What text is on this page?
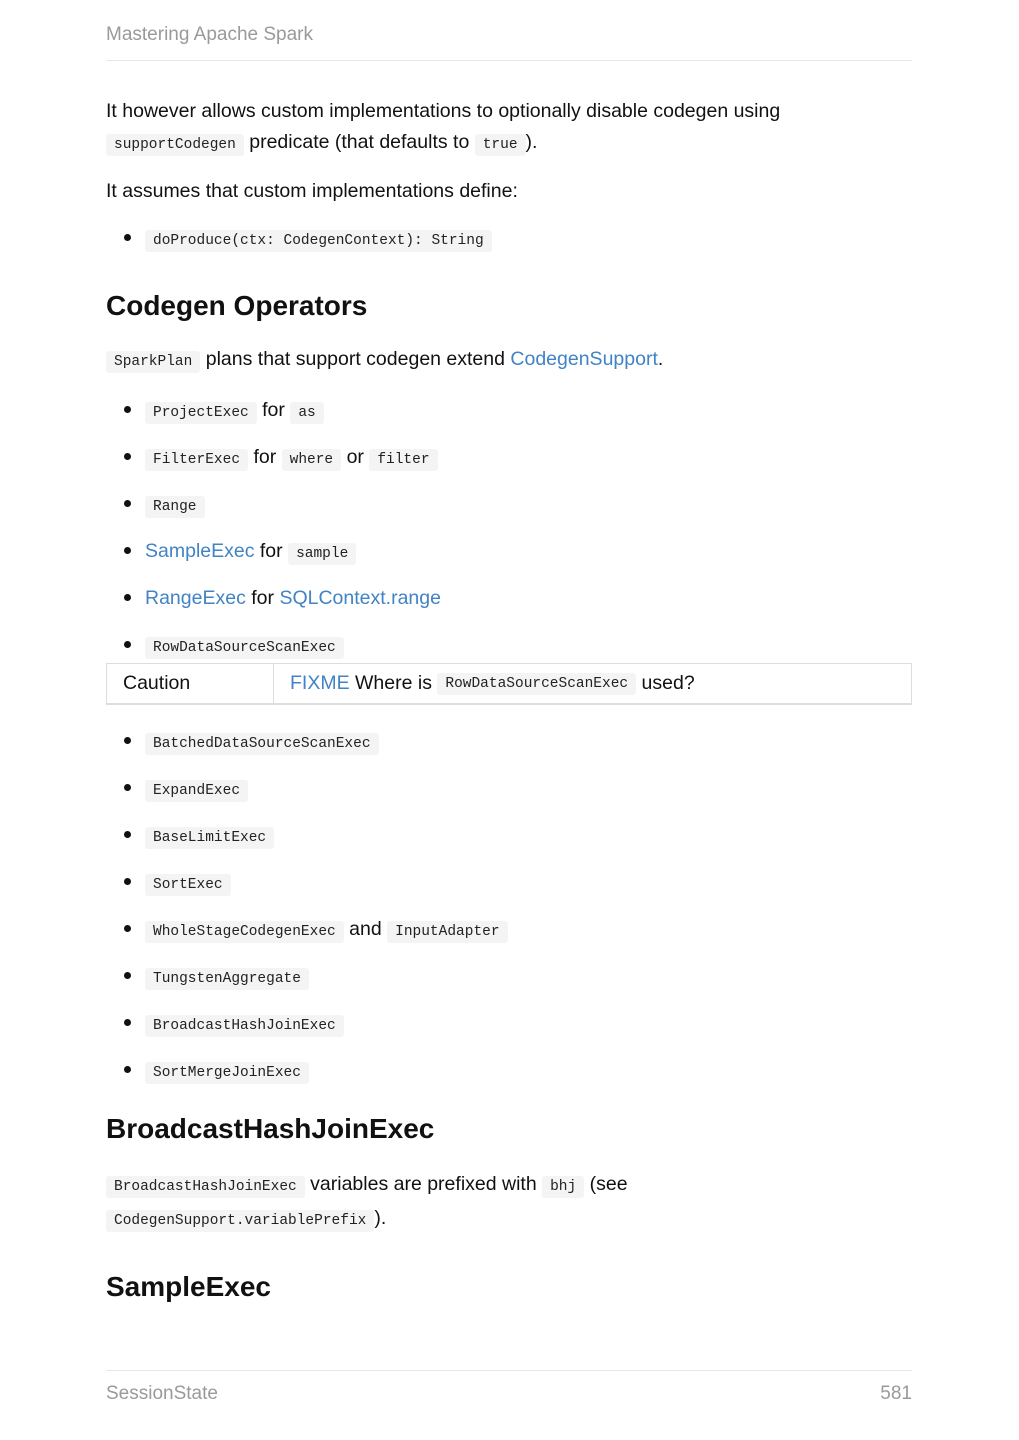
Mastering Apache Spark

It however allows custom implementations to optionally disable codegen using
supportCodegen predicate (that defaults to true ).

It assumes that custom implementations define:

doProduce(ctx: CodegenContext): String
Codegen Operators

SparkPlan plans that support codegen extend CodegenSupport.

ProjectExec for as
FilterExec for where or filter
Range
SampleExec for sample
RangeExec for SQLContext.range
RowDataSourceScanExec
Caution	FIXME
Where is
RowDataSourceScanExec
used?
BatchedDataSourceScanExec
ExpandExec
BaseLimitExec
SortExec
WholeStageCodegenExec and InputAdapter
TungstenAggregate
BroadcastHashJoinExec
SortMergeJoinExec
BroadcastHashJoinExec

BroadcastHashJoinExec variables are prefixed with bhj (see
CodegenSupport.variablePrefix ).

SampleExec
SessionState	581
